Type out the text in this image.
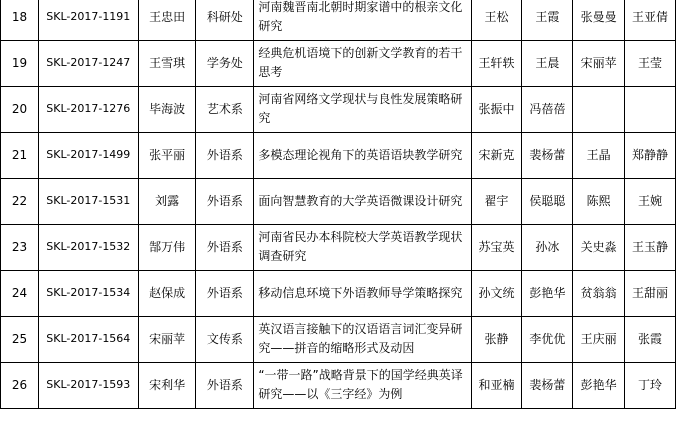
18	SKL-2017-1191	王忠田	科研处	河南魏晋南北朝时期家谱中的根亲文化研究	王松	王霞	张曼曼	王亚倩
19	SKL-2017-1247	王雪琪	学务处	经典危机语境下的创新文学教育的若干思考	王轩轶	王晨	宋丽苹	王莹
20	SKL-2017-1276	毕海波	艺术系	河南省网络文学现状与良性发展策略研究	张振中	冯蓓蓓		
21	SKL-2017-1499	张平丽	外语系	多模态理论视角下的英语语块教学研究	宋新克	裴杨蕾	王晶	郑静静
22	SKL-2017-1531	刘露	外语系	面向智慧教育的大学英语微课设计研究	翟宇	侯聪聪	陈熙	王婉
23	SKL-2017-1532	郜万伟	外语系	河南省民办本科院校大学英语教学现状调查研究	苏宝英	孙冰	关史淼	王玉静
24	SKL-2017-1534	赵保成	外语系	移动信息环境下外语教师导学策略探究	孙文统	彭艳华	贫翁翁	王甜丽
25	SKL-2017-1564	宋丽苹	文传系	英汉语言接触下的汉语语言词汇变异研究——拼音的缩略形式及动因	张静	李优优	王庆丽	张霞
26	SKL-2017-1593	宋利华	外语系	“一带一路”战略背景下的国学经典英译研究——以《三字经》为例	和亚楠	裴杨蕾	彭艳华	丁玲
